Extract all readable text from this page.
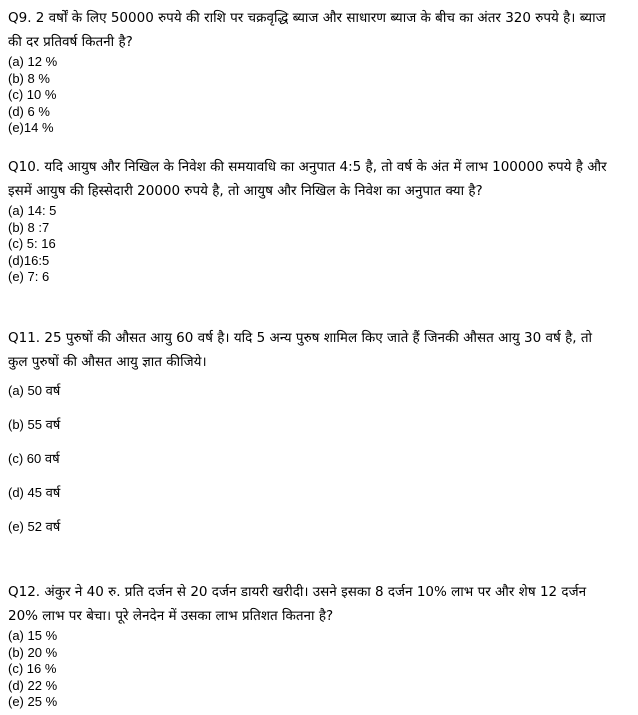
Q9. 2 वर्षों के लिए 50000 रुपये की राशि पर चक्रवृद्धि ब्याज और साधारण ब्याज के बीच का अंतर 320 रुपये है। ब्याज की दर प्रतिवर्ष कितनी है?

(a) 12 %
(b) 8 %
(c) 10 %
(d) 6 %
(e)14 %

Q10. यदि आयुष और निखिल के निवेश की समयावधि का अनुपात 4:5 है, तो वर्ष के अंत में लाभ 100000 रुपये है और इसमें आयुष की हिस्सेदारी 20000 रुपये है, तो आयुष और निखिल के निवेश का अनुपात क्या है?

(a) 14: 5
(b) 8 :7
(c) 5: 16
(d)16:5
(e) 7: 6

Q11. 25 पुरुषों की औसत आयु 60 वर्ष है। यदि 5 अन्य पुरुष शामिल किए जाते हैं जिनकी औसत आयु 30 वर्ष है, तो कुल पुरुषों की औसत आयु ज्ञात कीजिये।

(a) 50 वर्ष
(b) 55 वर्ष
(c) 60 वर्ष
(d) 45 वर्ष
(e) 52 वर्ष

Q12. अंकुर ने 40 रु. प्रति दर्जन से 20 दर्जन डायरी खरीदी। उसने इसका 8 दर्जन 10% लाभ पर और शेष 12 दर्जन 20% लाभ पर बेचा। पूरे लेनदेन में उसका लाभ प्रतिशत कितना है?

(a) 15 %
(b) 20 %
(c) 16 %
(d) 22 %
(e) 25 %
